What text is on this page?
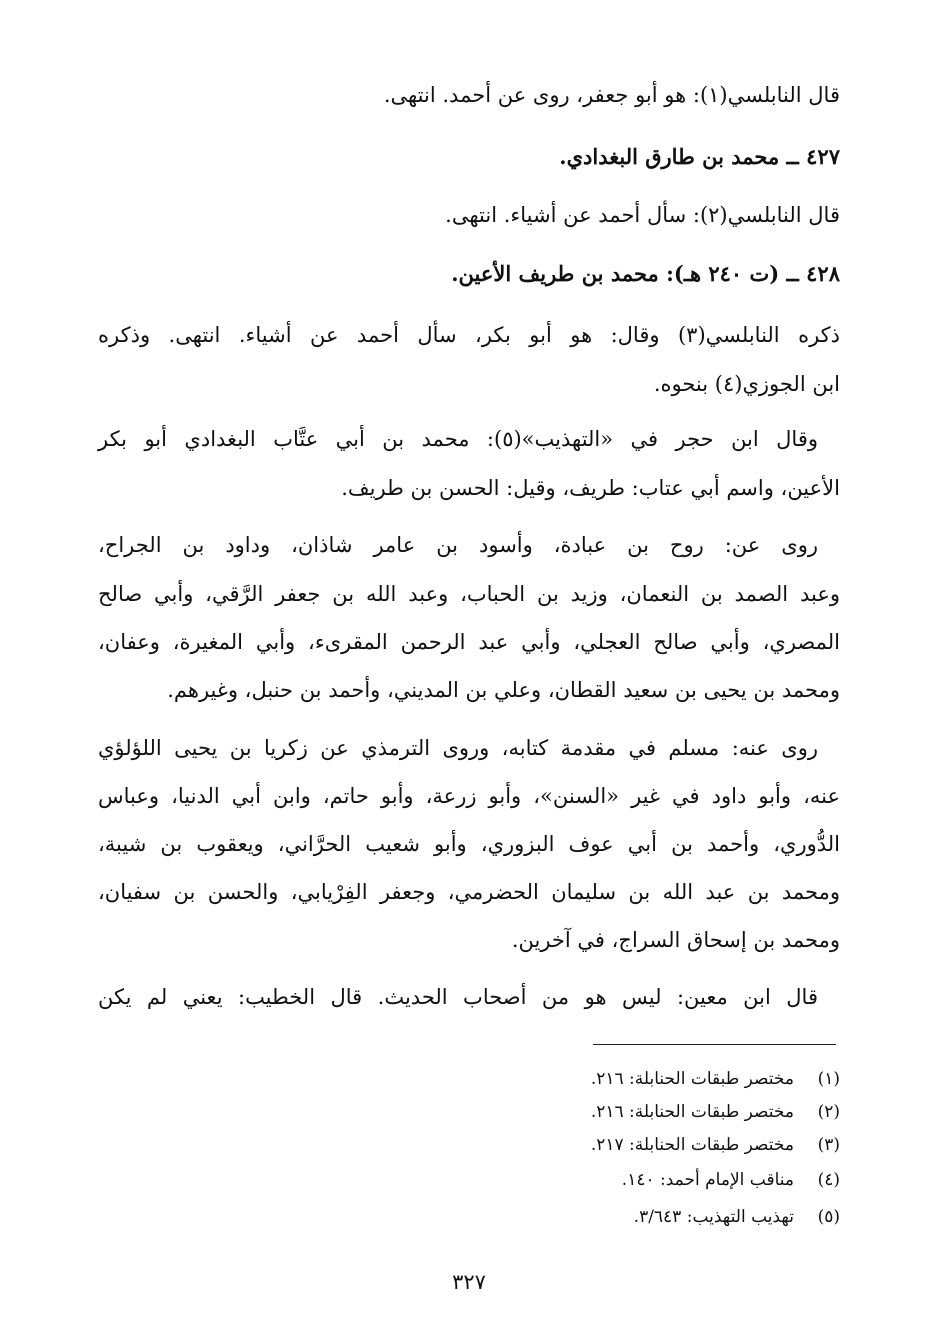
قال النابلسي(١): هو أبو جعفر، روى عن أحمد. انتهى.
٤٢٧ ــ محمد بن طارق البغدادي.
قال النابلسي(٢): سأل أحمد عن أشياء. انتهى.
٤٢٨ ــ (ت ٢٤٠ هـ): محمد بن طريف الأعين.
ذكره النابلسي(٣) وقال: هو أبو بكر، سأل أحمد عن أشياء. انتهى. وذكره
ابن الجوزي(٤) بنحوه.
وقال ابن حجر في «التهذيب»(٥): محمد بن أبي عتَّاب البغدادي أبو بكر
الأعين، واسم أبي عتاب: طريف، وقيل: الحسن بن طريف.
روى عن: روح بن عبادة، وأسود بن عامر شاذان، وداود بن الجراح،
وعبد الصمد بن النعمان، وزيد بن الحباب، وعبد الله بن جعفر الرَّقي، وأبي صالح
المصري، وأبي صالح العجلي، وأبي عبد الرحمن المقرىء، وأبي المغيرة، وعفان،
ومحمد بن يحيى بن سعيد القطان، وعلي بن المديني، وأحمد بن حنبل، وغيرهم.
روى عنه: مسلم في مقدمة كتابه، وروى الترمذي عن زكريا بن يحيى اللؤلؤي
عنه، وأبو داود في غير «السنن»، وأبو زرعة، وأبو حاتم، وابن أبي الدنيا، وعباس
الدُّوري، وأحمد بن أبي عوف البزوري، وأبو شعيب الحرَّاني، ويعقوب بن شيبة،
ومحمد بن عبد الله بن سليمان الحضرمي، وجعفر الفِرْيابي، والحسن بن سفيان،
ومحمد بن إسحاق السراج، في آخرين.
قال ابن معين: ليس هو من أصحاب الحديث. قال الخطيب: يعني لم يكن
(١)مختصر طبقات الحنابلة: ٢١٦.
(٢)مختصر طبقات الحنابلة: ٢١٦.
(٣)مختصر طبقات الحنابلة: ٢١٧.
(٤)مناقب الإمام أحمد: ١٤٠.
(٥)تهذيب التهذيب: ٣/٦٤٣.
٣٢٧
